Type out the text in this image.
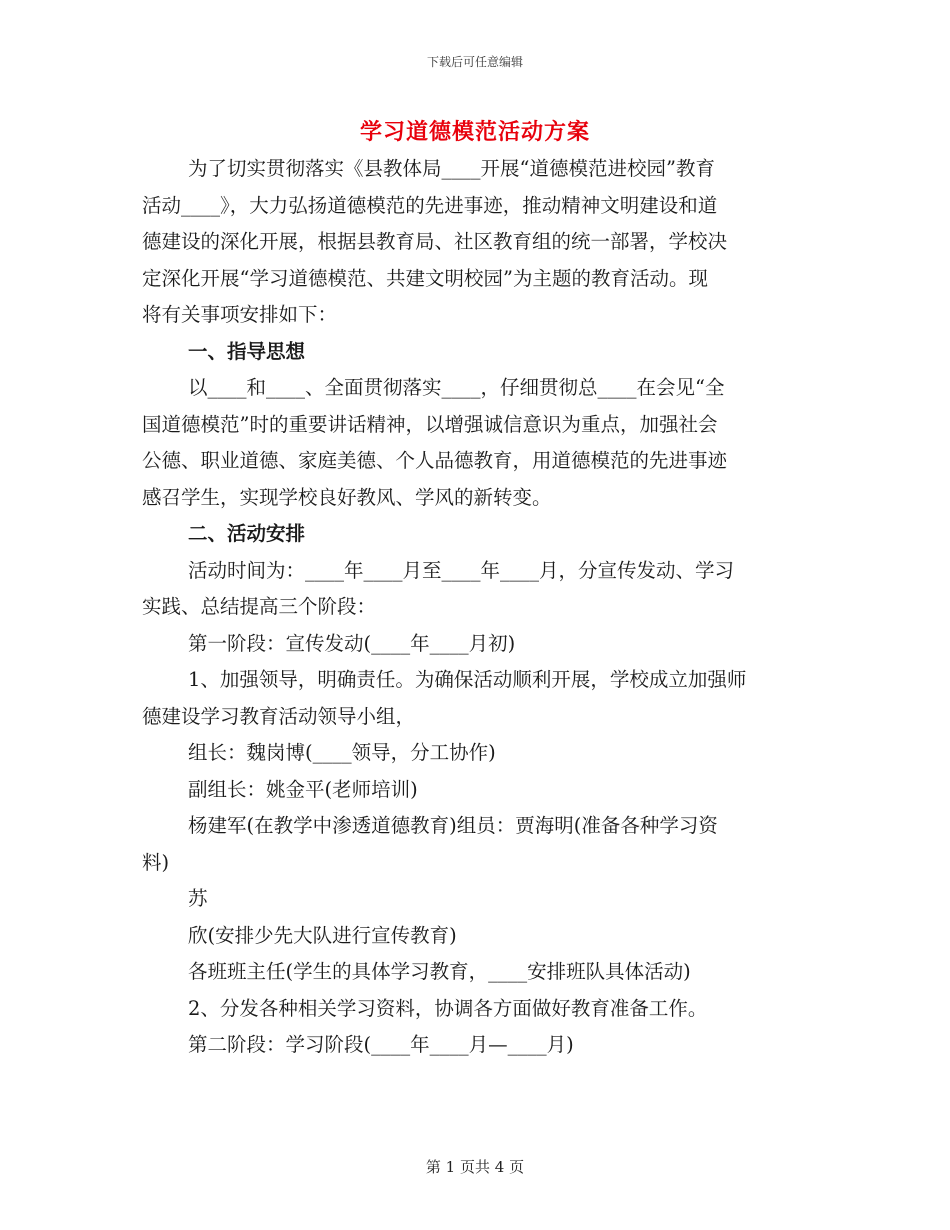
下载后可任意编辑
学习道德模范活动方案
为了切实贯彻落实《县教体局____开展“道德模范进校园”教育
活动____》，大力弘扬道德模范的先进事迹，推动精神文明建设和道
德建设的深化开展，根据县教育局、社区教育组的统一部署，学校决
定深化开展“学习道德模范、共建文明校园”为主题的教育活动。现
将有关事项安排如下：
一、指导思想
以____和____、全面贯彻落实____，仔细贯彻总____在会见“全
国道德模范”时的重要讲话精神，以增强诚信意识为重点，加强社会
公德、职业道德、家庭美德、个人品德教育，用道德模范的先进事迹
感召学生，实现学校良好教风、学风的新转变。
二、活动安排
活动时间为：____年____月至____年____月，分宣传发动、学习
实践、总结提高三个阶段：
第一阶段：宣传发动(____年____月初)
1、加强领导，明确责任。为确保活动顺利开展，学校成立加强师
德建设学习教育活动领导小组，
组长：魏岗博(____领导，分工协作)
副组长：姚金平(老师培训)
杨建军(在教学中渗透道德教育)组员：贾海明(准备各种学习资
料)
苏
欣(安排少先大队进行宣传教育)
各班班主任(学生的具体学习教育，____安排班队具体活动)
2、分发各种相关学习资料，协调各方面做好教育准备工作。
第二阶段：学习阶段(____年____月—____月)
第 1 页共 4 页
